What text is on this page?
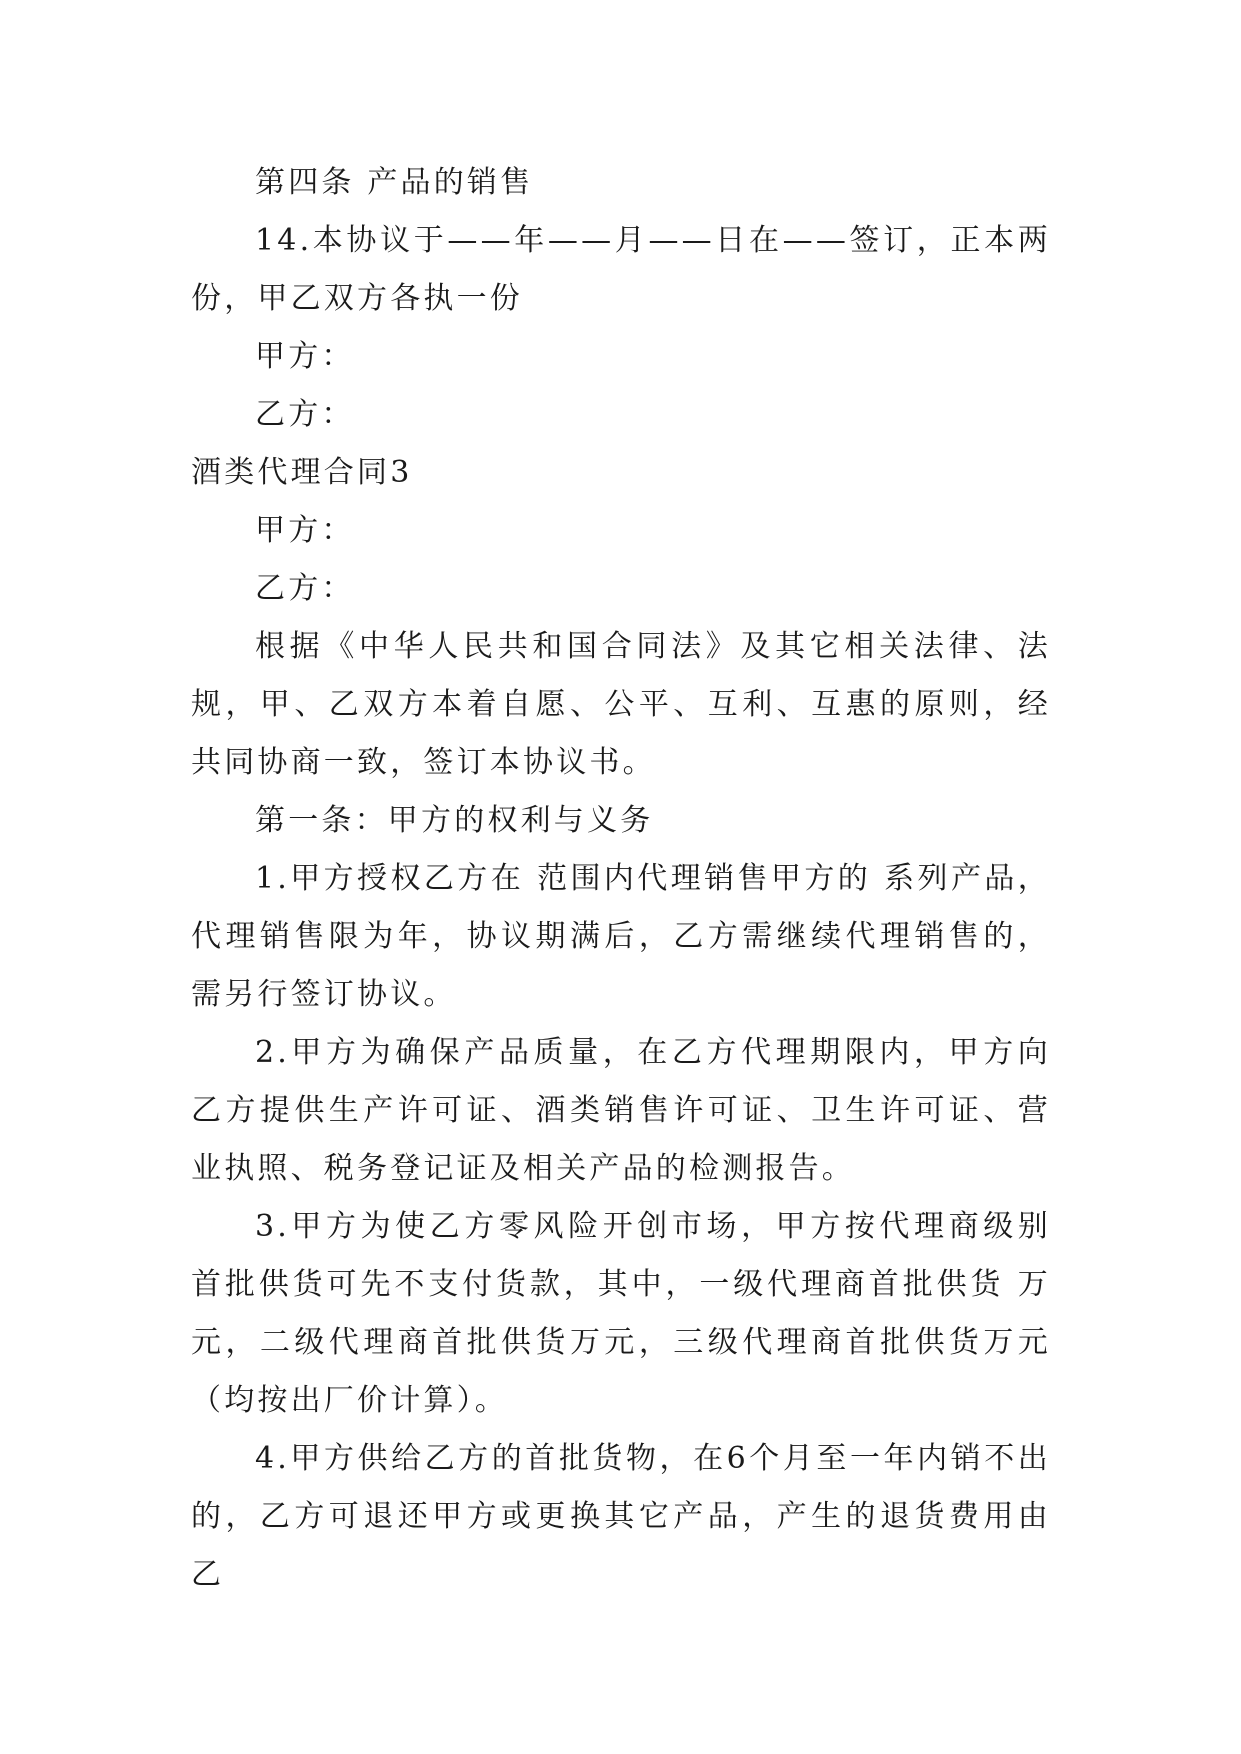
第四条 产品的销售

14.本协议于——年——月——日在——签订，正本两份，甲乙双方各执一份

甲方：

乙方：

酒类代理合同3

甲方：

乙方：

根据《中华人民共和国合同法》及其它相关法律、法规，甲、乙双方本着自愿、公平、互利、互惠的原则，经共同协商一致，签订本协议书。

第一条：甲方的权利与义务

1.甲方授权乙方在 范围内代理销售甲方的 系列产品，代理销售限为年，协议期满后，乙方需继续代理销售的，需另行签订协议。

2.甲方为确保产品质量，在乙方代理期限内，甲方向乙方提供生产许可证、酒类销售许可证、卫生许可证、营业执照、税务登记证及相关产品的检测报告。

3.甲方为使乙方零风险开创市场，甲方按代理商级别首批供货可先不支付货款，其中，一级代理商首批供货 万元，二级代理商首批供货万元，三级代理商首批供货万元（均按出厂价计算）。

4.甲方供给乙方的首批货物，在6个月至一年内销不出的，乙方可退还甲方或更换其它产品，产生的退货费用由乙
